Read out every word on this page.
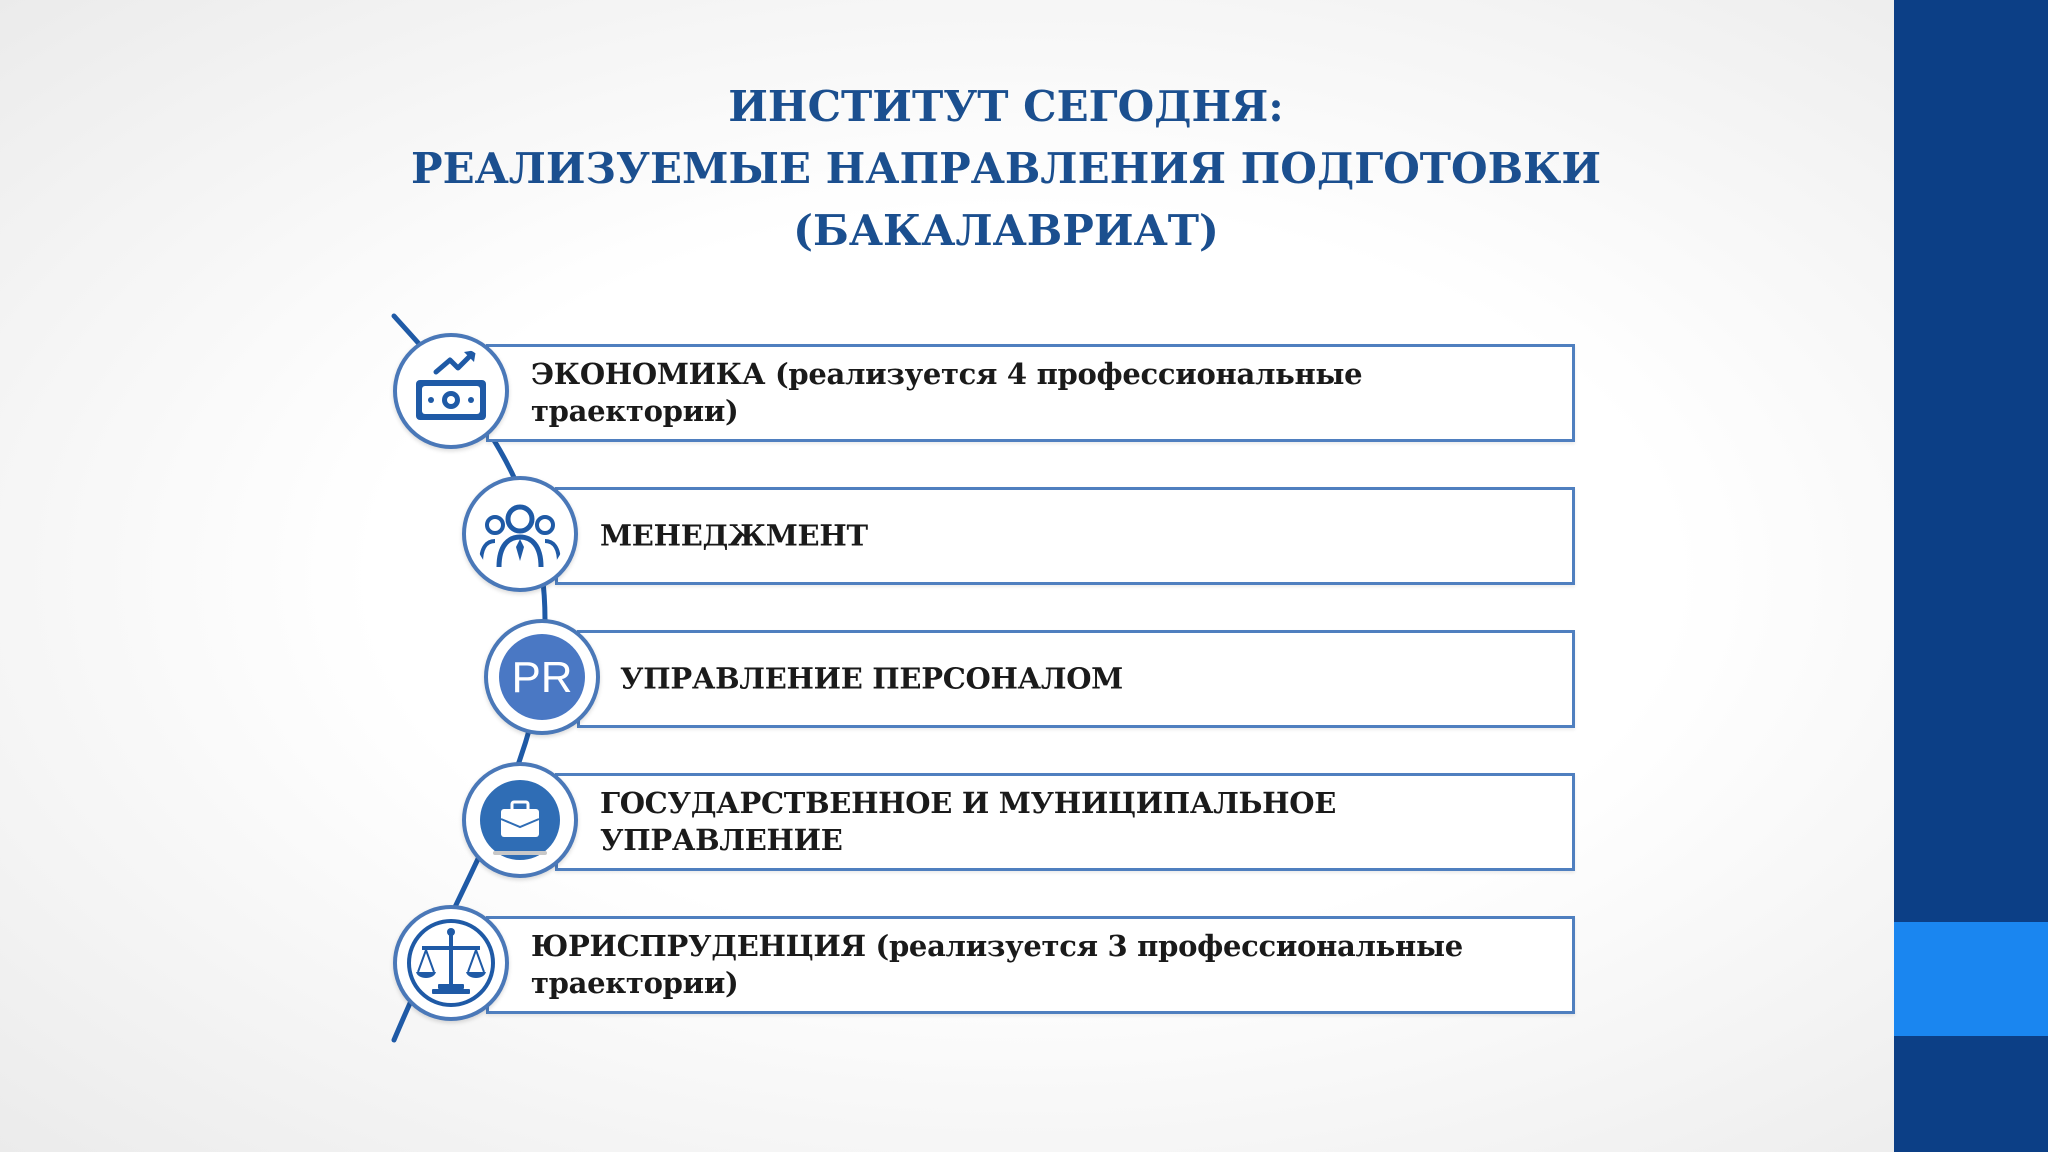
ИНСТИТУТ СЕГОДНЯ:
РЕАЛИЗУЕМЫЕ НАПРАВЛЕНИЯ ПОДГОТОВКИ
(БАКАЛАВРИАТ)
ЭКОНОМИКА (реализуется 4 профессиональные
траектории)
МЕНЕДЖМЕНТ
УПРАВЛЕНИЕ ПЕРСОНАЛОМ
PR
ГОСУДАРСТВЕННОЕ И МУНИЦИПАЛЬНОЕ УПРАВЛЕНИЕ
ЮРИСПРУДЕНЦИЯ (реализуется 3 профессиональные
траектории)
